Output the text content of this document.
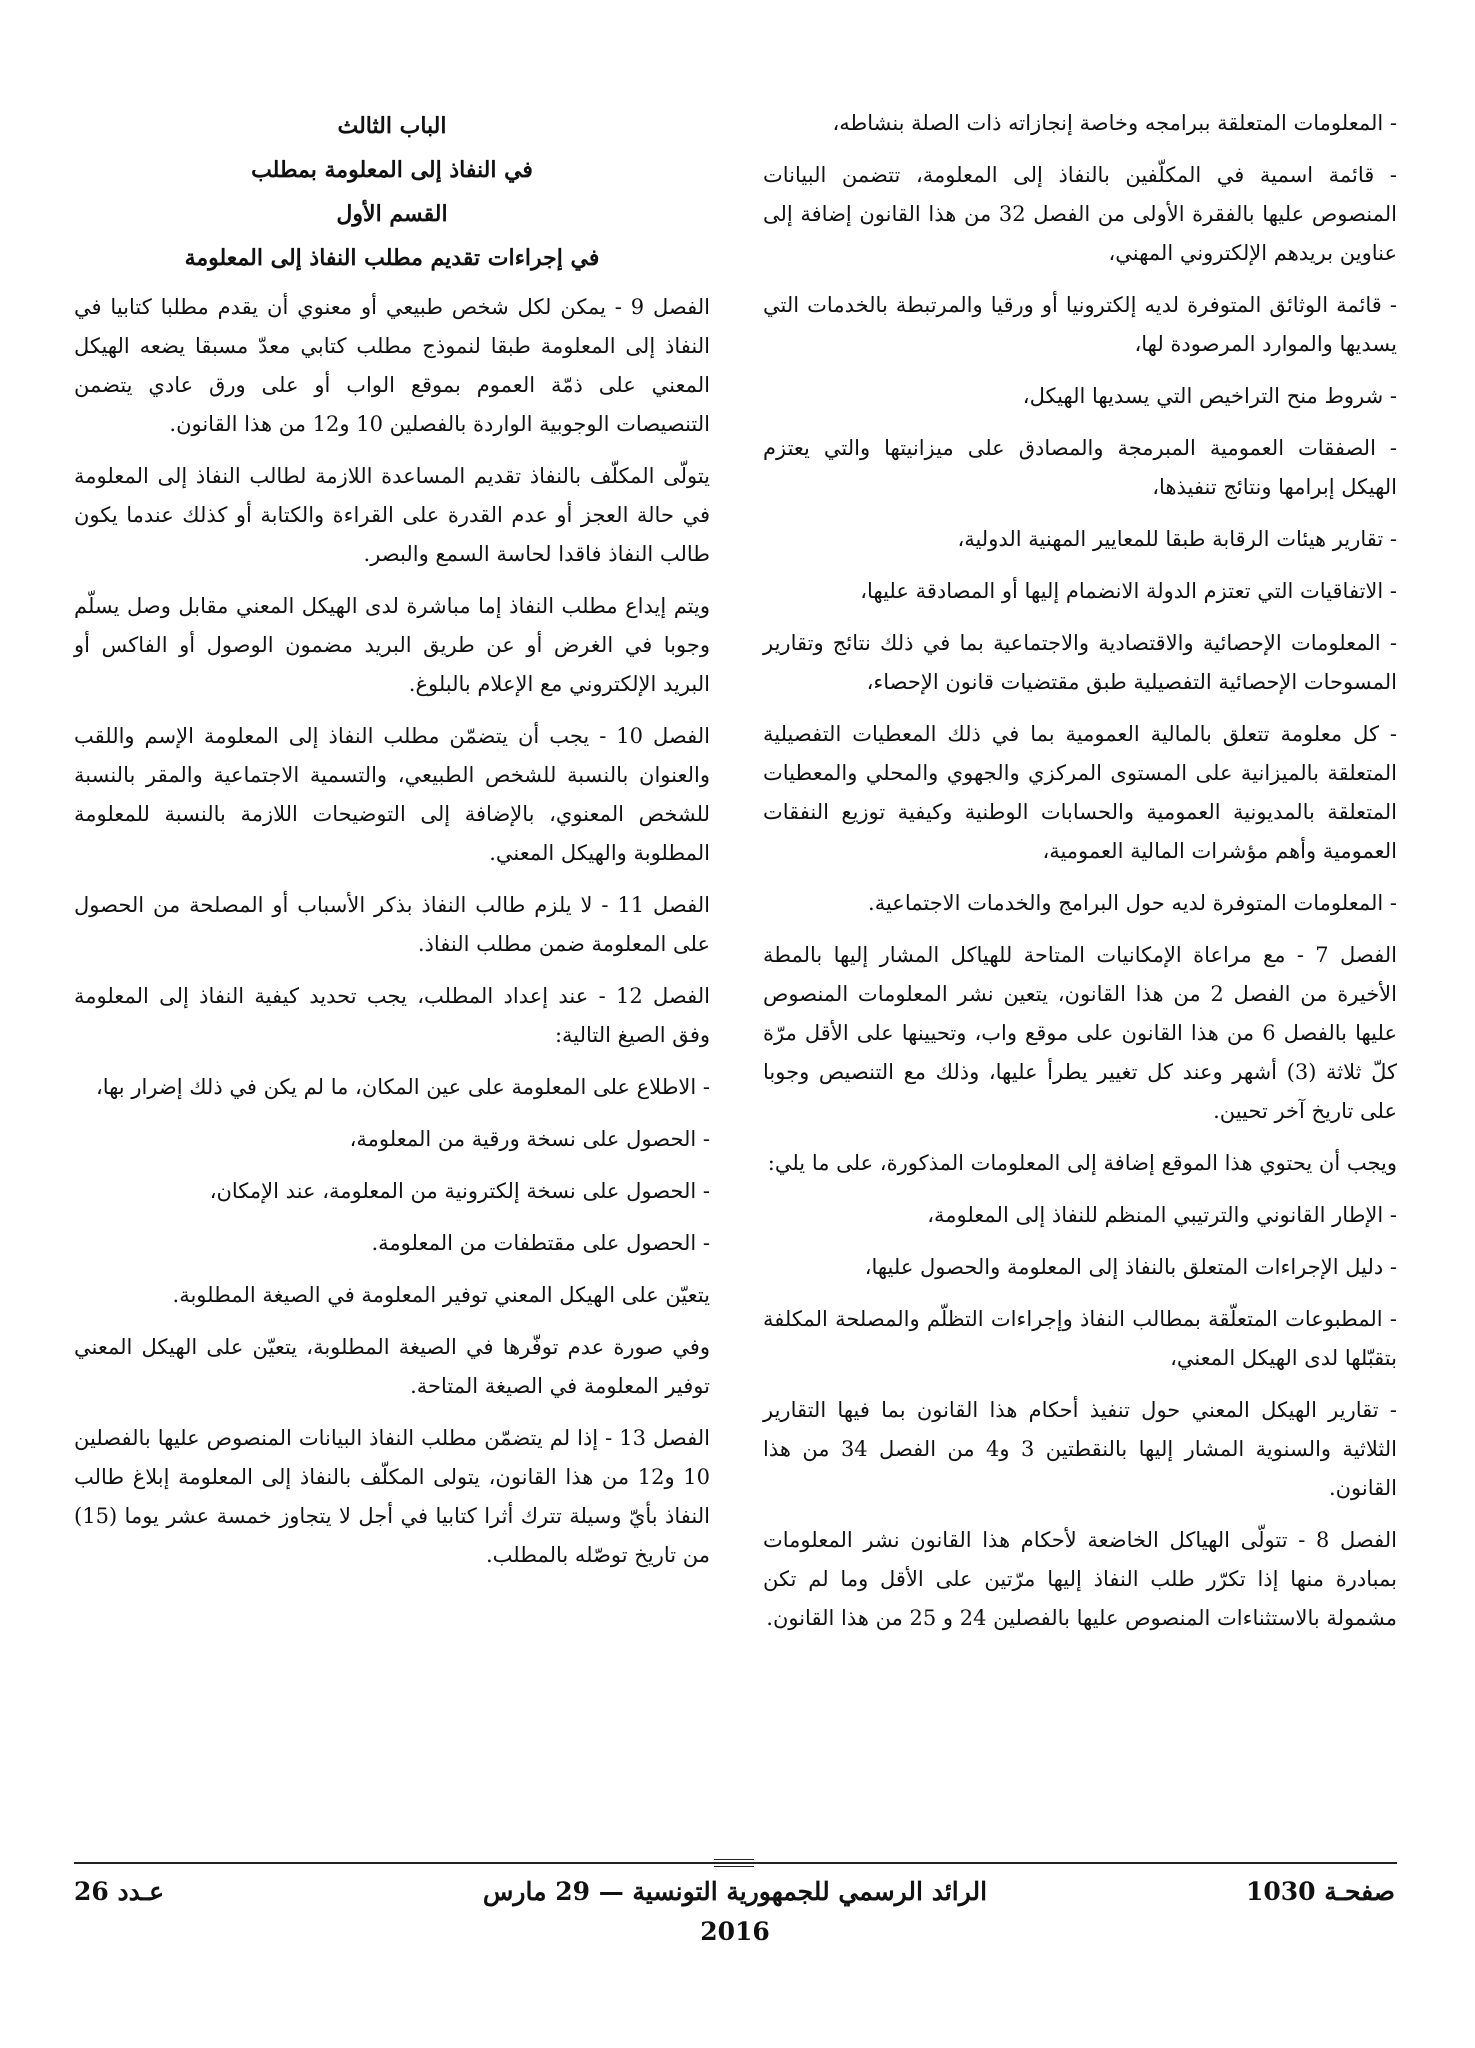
- المعلومات المتعلقة ببرامجه وخاصة إنجازاته ذات الصلة بنشاطه،

- قائمة اسمية في المكلّفين بالنفاذ إلى المعلومة، تتضمن البيانات المنصوص عليها بالفقرة الأولى من الفصل 32 من هذا القانون إضافة إلى عناوين بريدهم الإلكتروني المهني،

- قائمة الوثائق المتوفرة لديه إلكترونيا أو ورقيا والمرتبطة بالخدمات التي يسديها والموارد المرصودة لها،

- شروط منح التراخيص التي يسديها الهيكل،

- الصفقات العمومية المبرمجة والمصادق على ميزانيتها والتي يعتزم الهيكل إبرامها ونتائج تنفيذها،

- تقارير هيئات الرقابة طبقا للمعايير المهنية الدولية،

- الاتفاقيات التي تعتزم الدولة الانضمام إليها أو المصادقة عليها،

- المعلومات الإحصائية والاقتصادية والاجتماعية بما في ذلك نتائج وتقارير المسوحات الإحصائية التفصيلية طبق مقتضيات قانون الإحصاء،

- كل معلومة تتعلق بالمالية العمومية بما في ذلك المعطيات التفصيلية المتعلقة بالميزانية على المستوى المركزي والجهوي والمحلي والمعطيات المتعلقة بالمديونية العمومية والحسابات الوطنية وكيفية توزيع النفقات العمومية وأهم مؤشرات المالية العمومية،

- المعلومات المتوفرة لديه حول البرامج والخدمات الاجتماعية.

الفصل 7 - مع مراعاة الإمكانيات المتاحة للهياكل المشار إليها بالمطة الأخيرة من الفصل 2 من هذا القانون، يتعين نشر المعلومات المنصوص عليها بالفصل 6 من هذا القانون على موقع واب، وتحيينها على الأقل مرّة كلّ ثلاثة (3) أشهر وعند كل تغيير يطرأ عليها، وذلك مع التنصيص وجوبا على تاريخ آخر تحيين.

ويجب أن يحتوي هذا الموقع إضافة إلى المعلومات المذكورة، على ما يلي:

- الإطار القانوني والترتيبي المنظم للنفاذ إلى المعلومة،

- دليل الإجراءات المتعلق بالنفاذ إلى المعلومة والحصول عليها،

- المطبوعات المتعلّقة بمطالب النفاذ وإجراءات التظلّم والمصلحة المكلفة بتقبّلها لدى الهيكل المعني،

- تقارير الهيكل المعني حول تنفيذ أحكام هذا القانون بما فيها التقارير الثلاثية والسنوية المشار إليها بالنقطتين 3 و4 من الفصل 34 من هذا القانون.

الفصل 8 - تتولّى الهياكل الخاضعة لأحكام هذا القانون نشر المعلومات بمبادرة منها إذا تكرّر طلب النفاذ إليها مرّتين على الأقل وما لم تكن مشمولة بالاستثناءات المنصوص عليها بالفصلين 24 و 25 من هذا القانون.

الباب الثالث
في النفاذ إلى المعلومة بمطلب
القسم الأول
في إجراءات تقديم مطلب النفاذ إلى المعلومة

الفصل 9 - يمكن لكل شخص طبيعي أو معنوي أن يقدم مطلبا كتابيا في النفاذ إلى المعلومة طبقا لنموذج مطلب كتابي معدّ مسبقا يضعه الهيكل المعني على ذمّة العموم بموقع الواب أو على ورق عادي يتضمن التنصيصات الوجوبية الواردة بالفصلين 10 و12 من هذا القانون.

يتولّى المكلّف بالنفاذ تقديم المساعدة اللازمة لطالب النفاذ إلى المعلومة في حالة العجز أو عدم القدرة على القراءة والكتابة أو كذلك عندما يكون طالب النفاذ فاقدا لحاسة السمع والبصر.

ويتم إيداع مطلب النفاذ إما مباشرة لدى الهيكل المعني مقابل وصل يسلّم وجوبا في الغرض أو عن طريق البريد مضمون الوصول أو الفاكس أو البريد الإلكتروني مع الإعلام بالبلوغ.

الفصل 10 - يجب أن يتضمّن مطلب النفاذ إلى المعلومة الإسم واللقب والعنوان بالنسبة للشخص الطبيعي، والتسمية الاجتماعية والمقر بالنسبة للشخص المعنوي، بالإضافة إلى التوضيحات اللازمة بالنسبة للمعلومة المطلوبة والهيكل المعني.

الفصل 11 - لا يلزم طالب النفاذ بذكر الأسباب أو المصلحة من الحصول على المعلومة ضمن مطلب النفاذ.

الفصل 12 - عند إعداد المطلب، يجب تحديد كيفية النفاذ إلى المعلومة وفق الصيغ التالية:

- الاطلاع على المعلومة على عين المكان، ما لم يكن في ذلك إضرار بها،

- الحصول على نسخة ورقية من المعلومة،

- الحصول على نسخة إلكترونية من المعلومة، عند الإمكان،

- الحصول على مقتطفات من المعلومة.

يتعيّن على الهيكل المعني توفير المعلومة في الصيغة المطلوبة.

وفي صورة عدم توفّرها في الصيغة المطلوبة، يتعيّن على الهيكل المعني توفير المعلومة في الصيغة المتاحة.

الفصل 13 - إذا لم يتضمّن مطلب النفاذ البيانات المنصوص عليها بالفصلين 10 و12 من هذا القانون، يتولى المكلّف بالنفاذ إلى المعلومة إبلاغ طالب النفاذ بأيّ وسيلة تترك أثرا كتابيا في أجل لا يتجاوز خمسة عشر يوما (15) من تاريخ توصّله بالمطلب.

صفحـة 1030
الرائد الرسمي للجمهورية التونسية — 29 مارس 2016
عـدد 26
